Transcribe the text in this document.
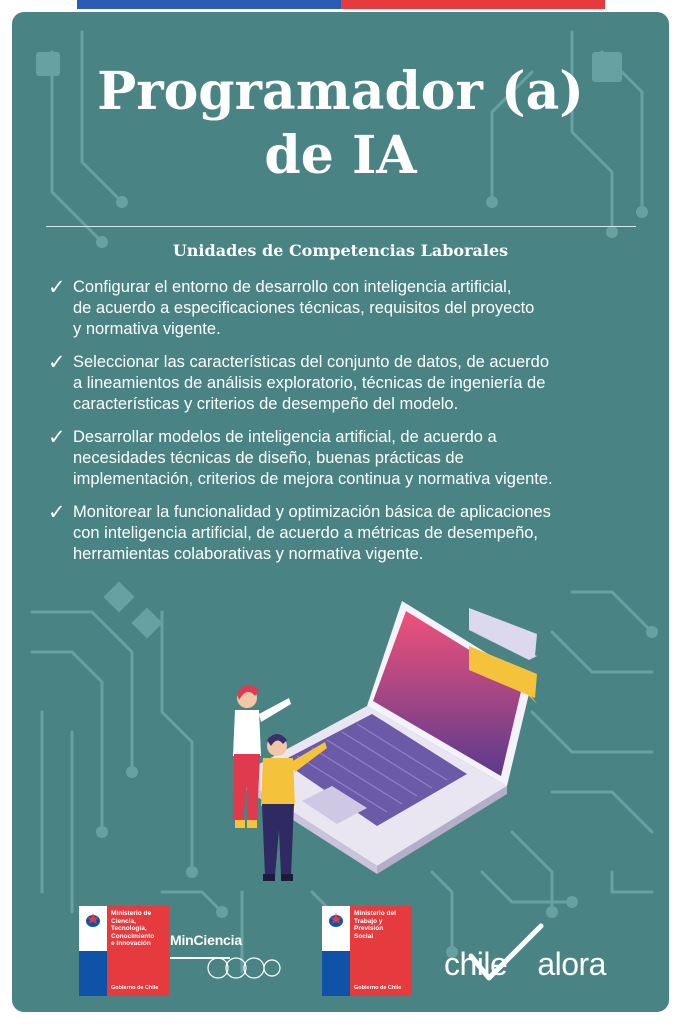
Programador (a)
de IA
Unidades de Competencias Laborales
✓ Configurar el entorno de desarrollo con inteligencia artificial,
de acuerdo a especificaciones técnicas, requisitos del proyecto
y normativa vigente.
✓ Seleccionar las características del conjunto de datos, de acuerdo
a lineamientos de análisis exploratorio, técnicas de ingeniería de
características y criterios de desempeño del modelo.
✓ Desarrollar modelos de inteligencia artificial, de acuerdo a
necesidades técnicas de diseño, buenas prácticas de
implementación, criterios de mejora continua y normativa vigente.
✓ Monitorear la funcionalidad y optimización básica de aplicaciones
con inteligencia artificial, de acuerdo a métricas de desempeño,
herramientas colaborativas y normativa vigente.
Ministerio de
Ciencia,
Tecnología,
Conocimiento
e Innovación
Gobierno de Chile
MinCiencia
Ministerio del
Trabajo y
Previsión
Social
Gobierno de Chile
chile alora
